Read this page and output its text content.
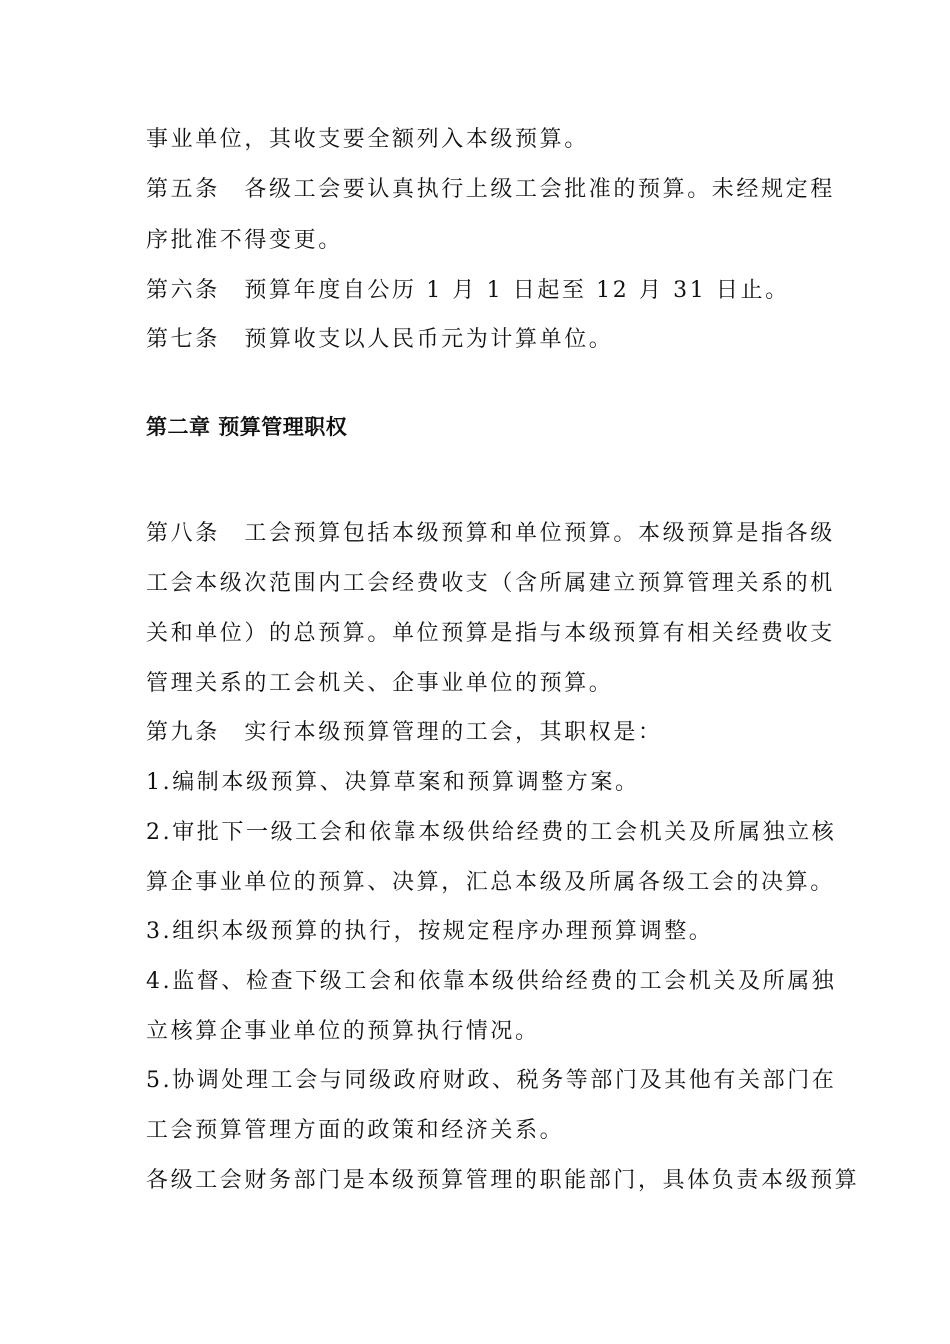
事业单位，其收支要全额列入本级预算。
第五条　各级工会要认真执行上级工会批准的预算。未经规定程
序批准不得变更。
第六条　预算年度自公历 1 月 1 日起至 12 月 31 日止。
第七条　预算收支以人民币元为计算单位。
第二章 预算管理职权
第八条　工会预算包括本级预算和单位预算。本级预算是指各级
工会本级次范围内工会经费收支（含所属建立预算管理关系的机
关和单位）的总预算。单位预算是指与本级预算有相关经费收支
管理关系的工会机关、企事业单位的预算。
第九条　实行本级预算管理的工会，其职权是：
1.编制本级预算、决算草案和预算调整方案。
2.审批下一级工会和依靠本级供给经费的工会机关及所属独立核
算企事业单位的预算、决算，汇总本级及所属各级工会的决算。
3.组织本级预算的执行，按规定程序办理预算调整。
4.监督、检查下级工会和依靠本级供给经费的工会机关及所属独
立核算企事业单位的预算执行情况。
5.协调处理工会与同级政府财政、税务等部门及其他有关部门在
工会预算管理方面的政策和经济关系。
各级工会财务部门是本级预算管理的职能部门，具体负责本级预算
